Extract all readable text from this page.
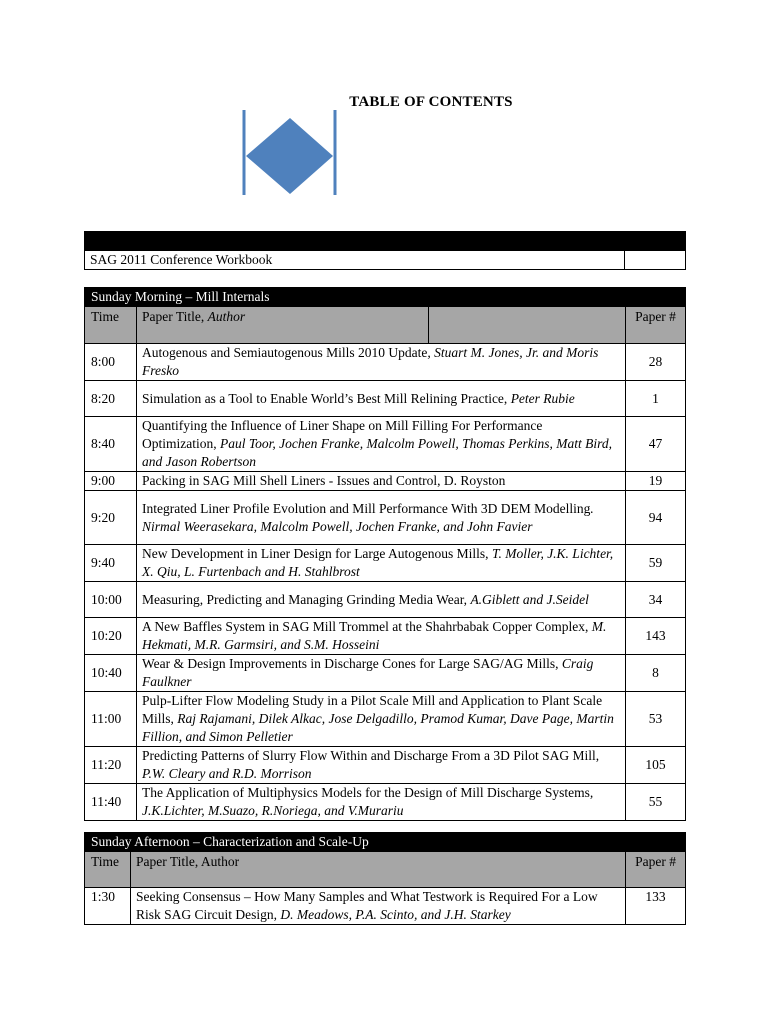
TABLE OF CONTENTS

SAG 2011 Conference Workbook	
Sunday Morning – Mill Internals			
Time	Paper Title, Author		Paper #
8:00	Autogenous and Semiautogenous Mills 2010 Update, Stuart M. Jones, Jr. and Moris Fresko		28
8:20	Simulation as a Tool to Enable World’s Best Mill Relining Practice, Peter Rubie		1
8:40	Quantifying the Influence of Liner Shape on Mill Filling For Performance Optimization, Paul Toor, Jochen Franke, Malcolm Powell, Thomas Perkins, Matt Bird, and Jason Robertson		47
9:00	Packing in SAG Mill Shell Liners - Issues and Control, D. Royston		19
9:20	Integrated Liner Profile Evolution and Mill Performance With 3D DEM Modelling. Nirmal Weerasekara, Malcolm Powell, Jochen Franke, and John Favier		94
9:40	New Development in Liner Design for Large Autogenous Mills, T. Moller, J.K. Lichter, X. Qiu, L. Furtenbach and H. Stahlbrost		59
10:00	Measuring, Predicting and Managing Grinding Media Wear, A.Giblett and J.Seidel		34
10:20	A New Baffles System in SAG Mill Trommel at the Shahrbabak Copper Complex, M. Hekmati, M.R. Garmsiri, and S.M. Hosseini		143
10:40	Wear & Design Improvements in Discharge Cones for Large SAG/AG Mills, Craig Faulkner		8
11:00	Pulp-Lifter Flow Modeling Study in a Pilot Scale Mill and Application to Plant Scale Mills, Raj Rajamani, Dilek Alkac, Jose Delgadillo, Pramod Kumar, Dave Page, Martin Fillion, and Simon Pelletier		53
11:20	Predicting Patterns of Slurry Flow Within and Discharge From a 3D Pilot SAG Mill, P.W. Cleary and R.D. Morrison		105
11:40	The Application of Multiphysics Models for the Design of Mill Discharge Systems, J.K.Lichter, M.Suazo, R.Noriega, and V.Murariu		55
Sunday Afternoon – Characterization and Scale-Up		
Time	Paper Title, Author	Paper #
1:30	Seeking Consensus – How Many Samples and What Testwork is Required For a Low Risk SAG Circuit Design, D. Meadows, P.A. Scinto, and J.H. Starkey	133
